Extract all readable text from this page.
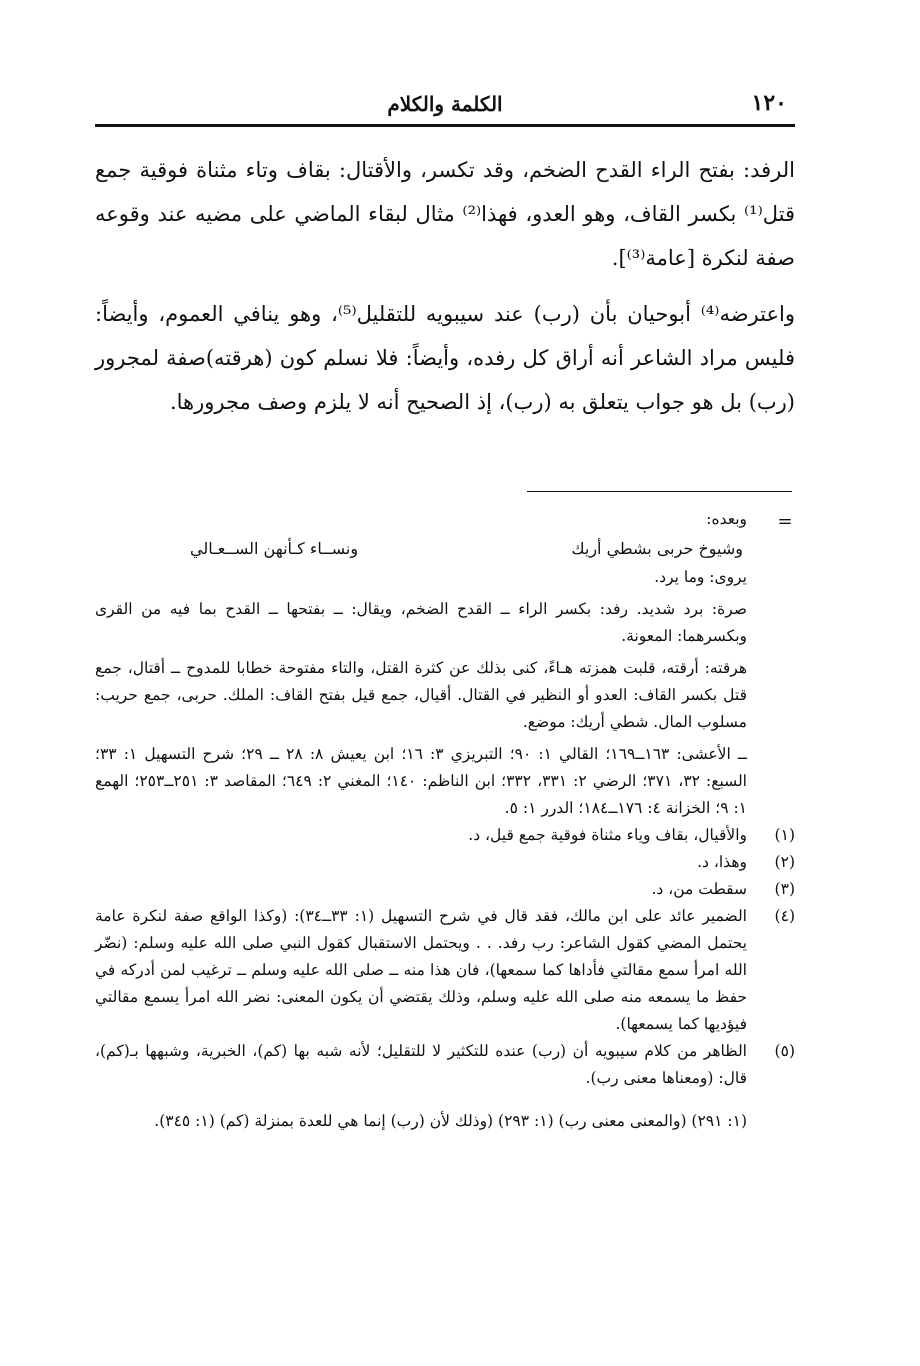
١٢٠
الكلمة والكلام

الرفد: بفتح الراء القدح الضخم، وقد تكسر، والأقتال: بقاف وتاء مثناة فوقية جمع قتل⁽¹⁾ بكسر القاف، وهو العدو، فهذا⁽²⁾ مثال لبقاء الماضي على مضيه عند وقوعه صفة لنكرة [عامة⁽³⁾].

واعترضه⁽⁴⁾ أبوحيان بأن (رب) عند سيبويه للتقليل⁽⁵⁾، وهو ينافي العموم، وأيضاً: فليس مراد الشاعر أنه أراق كل رفده، وأيضاً: فلا نسلم كون (هرقته)صفة لمجرور (رب) بل هو جواب يتعلق به (رب)، إذ الصحيح أنه لا يلزم وصف مجرورها.

=

وبعده:

وشيوخ حربى بشطي أريك
ونســاء كـأنهن الســعـالي

يروى: وما يرد.

صرة: برد شديد. رفد: بكسر الراء ــ القدح الضخم، ويقال: ــ بفتحها ــ القدح بما فيه من القرى وبكسرهما: المعونة.

هرقته: أرقته، قلبت همزته هـاءً، كنى بذلك عن كثرة القتل، والتاء مفتوحة خطابا للمدوح ــ أقتال، جمع قتل بكسر القاف: العدو أو النظير في القتال. أقيال، جمع قيل بفتح القاف: الملك. حربى، جمع حريب: مسلوب المال. شطي أريك: موضع.

ــ الأعشى: ١٦٣ــ١٦٩؛ القالي ١: ٩٠؛ التبريزي ٣: ١٦؛ ابن يعيش ٨: ٢٨ ــ ٢٩؛ شرح التسهيل ١: ٣٣؛ السبع: ٣٢، ٣٧١؛ الرضي ٢: ٣٣١، ٣٣٢؛ ابن الناظم: ١٤٠؛ المغني ٢: ٦٤٩؛ المقاصد ٣: ٢٥١ــ٢٥٣؛ الهمع ١: ٩؛ الخزانة ٤: ١٧٦ــ١٨٤؛ الدرر ١: ٥.

(١)
والأقيال، بقاف وياء مثناة فوقية جمع قيل، د.
(٢)
وهذا، د.
(٣)
سقطت من، د.
(٤)
الضمير عائد على ابن مالك، فقد قال في شرح التسهيل (١: ٣٣ــ٣٤): (وكذا الواقع صفة لنكرة عامة يحتمل المضي كقول الشاعر: رب رفد. . . ويحتمل الاستقبال كقول النبي صلى الله عليه وسلم: (نضّر الله امرأ سمع مقالتي فأداها كما سمعها)، فان هذا منه ــ صلى الله عليه وسلم ــ ترغيب لمن أدركه في حفظ ما يسمعه منه صلى الله عليه وسلم، وذلك يقتضي أن يكون المعنى: نضر الله امرأ يسمع مقالتي فيؤديها كما يسمعها).
(٥)
الظاهر من كلام سيبويه أن (رب) عنده للتكثير لا للتقليل؛ لأنه شبه بها (كم)، الخبرية، وشبهها بـ(كم)، قال: (ومعناها معنى رب).

(١: ٢٩١) (والمعنى معنى رب) (١: ٢٩٣) (وذلك لأن (رب) إنما هي للعدة بمنزلة (كم) (١: ٣٤٥).
